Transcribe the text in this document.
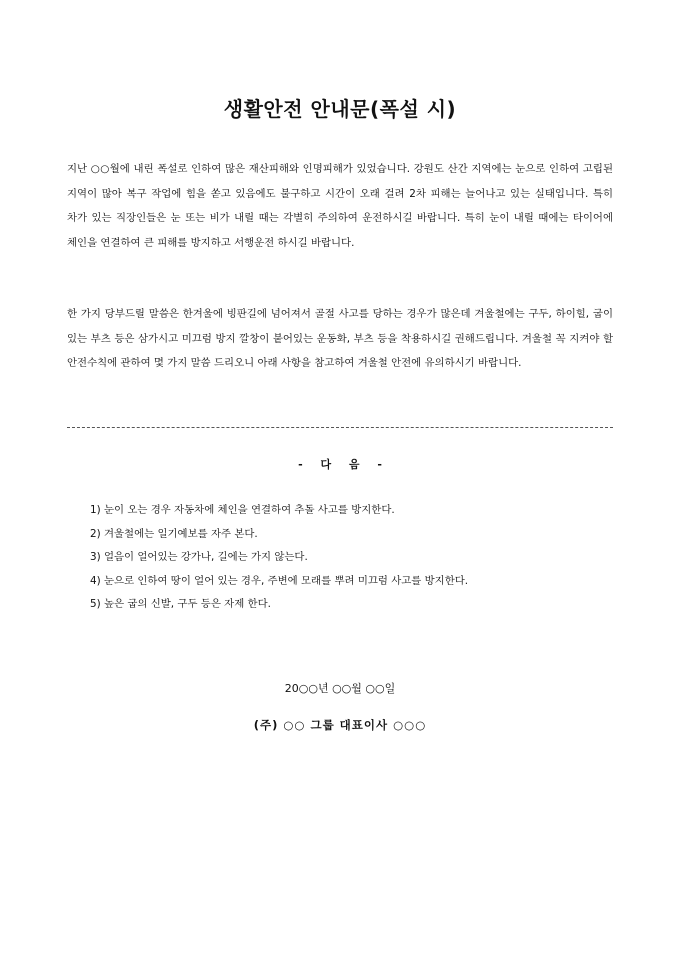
생활안전 안내문(폭설 시)

지난 ○○월에 내린 폭설로 인하여 많은 재산피해와 인명피해가 있었습니다. 강원도 산간 지역에는 눈으로 인하여 고립된 지역이 많아 복구 작업에 힘을 쏟고 있음에도 불구하고 시간이 오래 걸려 2차 피해는 늘어나고 있는 실태입니다. 특히 차가 있는 직장인들은 눈 또는 비가 내릴 때는 각별히 주의하여 운전하시길 바랍니다. 특히 눈이 내릴 때에는 타이어에 체인을 연결하여 큰 피해를 방지하고 서행운전 하시길 바랍니다.

한 가지 당부드릴 말씀은 한겨울에 빙판길에 넘어져서 골절 사고를 당하는 경우가 많은데 겨울철에는 구두, 하이힐, 굽이 있는 부츠 등은 삼가시고 미끄럼 방지 깔창이 붙어있는 운동화, 부츠 등을 착용하시길 권해드립니다. 겨울철 꼭 지켜야 할 안전수칙에 관하여 몇 가지 말씀 드리오니 아래 사항을 참고하여 겨울철 안전에 유의하시기 바랍니다.

- 다 음 -
1) 눈이 오는 경우 자동차에 체인을 연결하여 추돌 사고를 방지한다.
2) 겨울철에는 일기예보를 자주 본다.
3) 얼음이 얼어있는 강가나, 길에는 가지 않는다.
4) 눈으로 인하여 땅이 얼어 있는 경우, 주변에 모래를 뿌려 미끄럼 사고를 방지한다.
5) 높은 굽의 신발, 구두 등은 자제 한다.
20○○년 ○○월 ○○일
(주) ○○ 그룹 대표이사 ○○○
